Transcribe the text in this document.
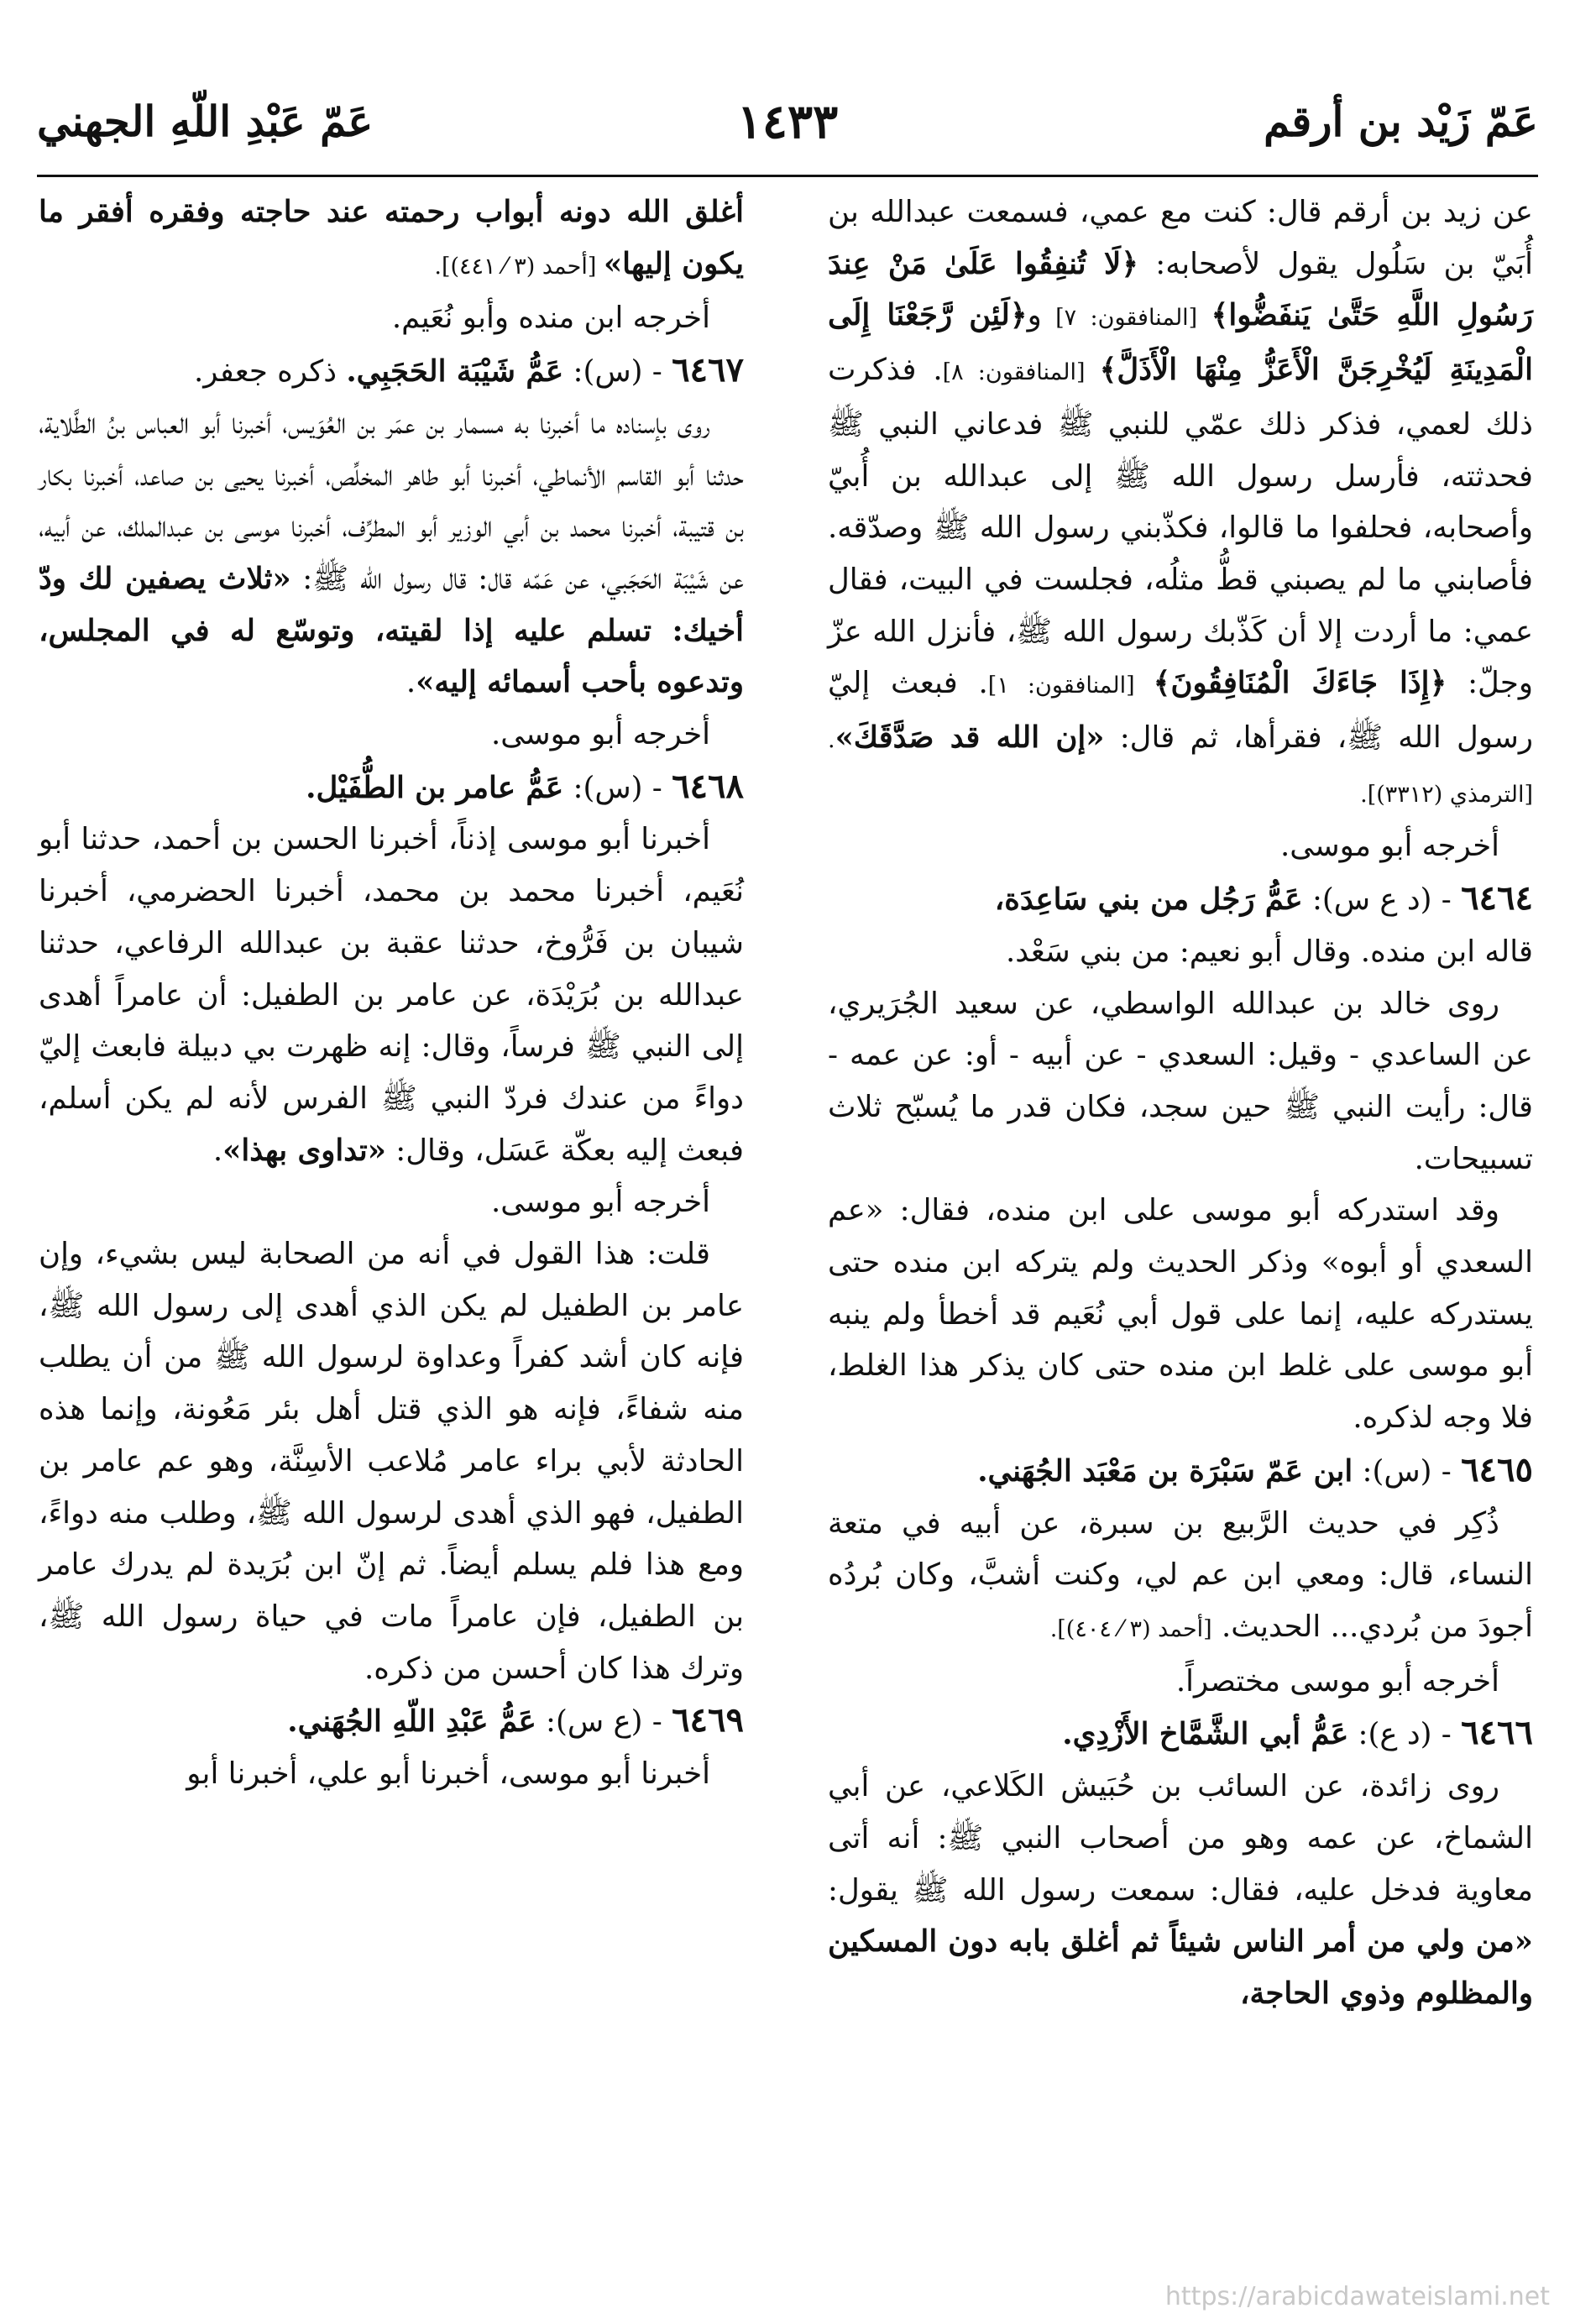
عَمّ زَيْد بن أرقم
١٤٣٣
عَمّ عَبْدِ اللّهِ الجهني

عن زيد بن أرقم قال: كنت مع عمي، فسمعت عبدالله بن أُبَيّ بن سَلُول يقول لأصحابه: ﴿لَا تُنفِقُوا عَلَىٰ مَنْ عِندَ رَسُولِ اللَّهِ حَتَّىٰ يَنفَضُّوا﴾ [المنافقون: ٧] و﴿لَئِن رَّجَعْنَا إِلَى الْمَدِينَةِ لَيُخْرِجَنَّ الْأَعَزُّ مِنْهَا الْأَذَلَّ﴾ [المنافقون: ٨]. فذكرت ذلك لعمي، فذكر ذلك عمّي للنبي ﷺ فدعاني النبي ﷺ فحدثته، فأرسل رسول الله ﷺ إلى عبدالله بن أُبيّ وأصحابه، فحلفوا ما قالوا، فكذّبني رسول الله ﷺ وصدّقه. فأصابني ما لم يصبني قطُّ مثلُه، فجلست في البيت، فقال عمي: ما أردت إلا أن كَذّبك رسول الله ﷺ، فأنزل الله عزّ وجلّ: ﴿إِذَا جَاءَكَ الْمُنَافِقُونَ﴾ [المنافقون: ١]. فبعث إليّ رسول الله ﷺ، فقرأها، ثم قال: «إن الله قد صَدَّقَكَ». [الترمذي (٣٣١٢)].

أخرجه أبو موسى.

٦٤٦٤ - (د ع س): عَمُّ رَجُل من بني سَاعِدَة،

قاله ابن منده. وقال أبو نعيم: من بني سَعْد.

روى خالد بن عبدالله الواسطي، عن سعيد الجُرَيري، عن الساعدي - وقيل: السعدي - عن أبيه - أو: عن عمه - قال: رأيت النبي ﷺ حين سجد، فكان قدر ما يُسبّح ثلاث تسبيحات.

وقد استدركه أبو موسى على ابن منده، فقال: «عم السعدي أو أبوه» وذكر الحديث ولم يتركه ابن منده حتى يستدركه عليه، إنما على قول أبي نُعَيم قد أخطأ ولم ينبه أبو موسى على غلط ابن منده حتى كان يذكر هذا الغلط، فلا وجه لذكره.

٦٤٦٥ - (س): ابن عَمّ سَبْرَة بن مَعْبَد الجُهَني.

ذُكِر في حديث الرَّبيع بن سبرة، عن أبيه في متعة النساء، قال: ومعي ابن عم لي، وكنت أشبَّ، وكان بُردُه أجودَ من بُردي... الحديث. [أحمد (٣ ⁄ ٤٠٤)].

أخرجه أبو موسى مختصراً.

٦٤٦٦ - (د ع): عَمُّ أبي الشَّمَّاخ الأَزْدِي.

روى زائدة، عن السائب بن حُبَيش الكَلاعي، عن أبي الشماخ، عن عمه وهو من أصحاب النبي ﷺ: أنه أتى معاوية فدخل عليه، فقال: سمعت رسول الله ﷺ يقول: «من ولي من أمر الناس شيئاً ثم أغلق بابه دون المسكين والمظلوم وذوي الحاجة،

أغلق الله دونه أبواب رحمته عند حاجته وفقره أفقر ما يكون إليها» [أحمد (٣ ⁄ ٤٤١)].

أخرجه ابن منده وأبو نُعَيم.

٦٤٦٧ - (س): عَمُّ شَيْبَة الحَجَبِي. ذكره جعفر.

روى بإسناده ما أخبرنا به مسمار بن عمَر بن العُوَيس، أخبرنا أبو العباس بنُ الطَّلاية، حدثنا أبو القاسم الأنماطي، أخبرنا أبو طاهر المخلِّص، أخبرنا يحيى بن صاعد، أخبرنا بكار بن قتيبة، أخبرنا محمد بن أبي الوزير أبو المطرِّف، أخبرنا موسى بن عبدالملك، عن أبيه، عن شَيْبَة الحَجَبي، عن عَمّه قال: قال رسول الله ﷺ: «ثلاث يصفين لك ودّ أخيك: تسلم عليه إذا لقيته، وتوسّع له في المجلس، وتدعوه بأحب أسمائه إليه».

أخرجه أبو موسى.

٦٤٦٨ - (س): عَمُّ عامر بن الطُّفَيْل.

أخبرنا أبو موسى إذناً، أخبرنا الحسن بن أحمد، حدثنا أبو نُعَيم، أخبرنا محمد بن محمد، أخبرنا الحضرمي، أخبرنا شيبان بن فَرُّوخ، حدثنا عقبة بن عبدالله الرفاعي، حدثنا عبدالله بن بُرَيْدَة، عن عامر بن الطفيل: أن عامراً أهدى إلى النبي ﷺ فرساً، وقال: إنه ظهرت بي دبيلة فابعث إليّ دواءً من عندك فردّ النبي ﷺ الفرس لأنه لم يكن أسلم، فبعث إليه بعكّة عَسَل، وقال: «تداوى بهذا».

أخرجه أبو موسى.

قلت: هذا القول في أنه من الصحابة ليس بشيء، وإن عامر بن الطفيل لم يكن الذي أهدى إلى رسول الله ﷺ، فإنه كان أشد كفراً وعداوة لرسول الله ﷺ من أن يطلب منه شفاءً، فإنه هو الذي قتل أهل بئر مَعُونة، وإنما هذه الحادثة لأبي براء عامر مُلاعب الأسِنَّة، وهو عم عامر بن الطفيل، فهو الذي أهدى لرسول الله ﷺ، وطلب منه دواءً، ومع هذا فلم يسلم أيضاً. ثم إنّ ابن بُرَيدة لم يدرك عامر بن الطفيل، فإن عامراً مات في حياة رسول الله ﷺ، وترك هذا كان أحسن من ذكره.

٦٤٦٩ - (ع س): عَمُّ عَبْدِ اللّهِ الجُهَني.

أخبرنا أبو موسى، أخبرنا أبو علي، أخبرنا أبو

https://arabicdawateislami.net
